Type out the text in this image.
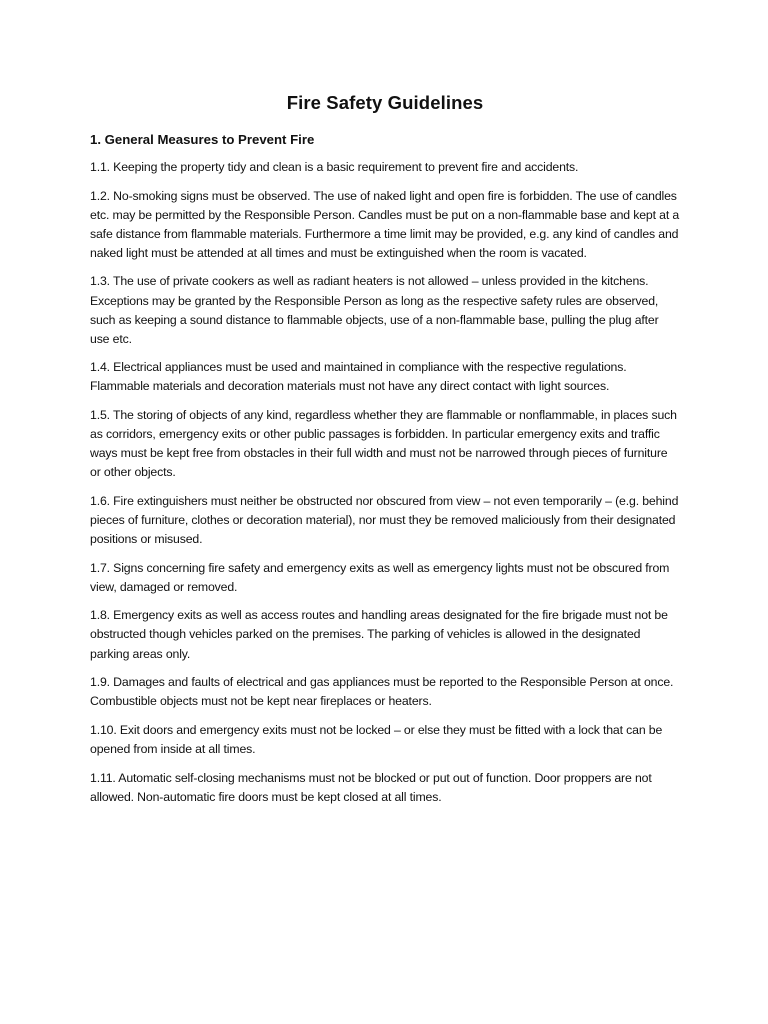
Fire Safety Guidelines
1. General Measures to Prevent Fire

1.1. Keeping the property tidy and clean is a basic requirement to prevent fire and accidents.

1.2. No-smoking signs must be observed. The use of naked light and open fire is forbidden. The use of candles etc. may be permitted by the Responsible Person. Candles must be put on a non-flammable base and kept at a safe distance from flammable materials. Furthermore a time limit may be provided, e.g. any kind of candles and naked light must be attended at all times and must be extinguished when the room is vacated.

1.3. The use of private cookers as well as radiant heaters is not allowed – unless provided in the kitchens. Exceptions may be granted by the Responsible Person as long as the respective safety rules are observed, such as keeping a sound distance to flammable objects, use of a non-flammable base, pulling the plug after use etc.

1.4. Electrical appliances must be used and maintained in compliance with the respective regulations. Flammable materials and decoration materials must not have any direct contact with light sources.

1.5. The storing of objects of any kind, regardless whether they are flammable or nonflammable, in places such as corridors, emergency exits or other public passages is forbidden. In particular emergency exits and traffic ways must be kept free from obstacles in their full width and must not be narrowed through pieces of furniture or other objects.

1.6. Fire extinguishers must neither be obstructed nor obscured from view – not even temporarily – (e.g. behind pieces of furniture, clothes or decoration material), nor must they be removed maliciously from their designated positions or misused.

1.7. Signs concerning fire safety and emergency exits as well as emergency lights must not be obscured from view, damaged or removed.

1.8. Emergency exits as well as access routes and handling areas designated for the fire brigade must not be obstructed though vehicles parked on the premises. The parking of vehicles is allowed in the designated parking areas only.

1.9. Damages and faults of electrical and gas appliances must be reported to the Responsible Person at once. Combustible objects must not be kept near fireplaces or heaters.

1.10. Exit doors and emergency exits must not be locked – or else they must be fitted with a lock that can be opened from inside at all times.

1.11. Automatic self-closing mechanisms must not be blocked or put out of function. Door proppers are not allowed. Non-automatic fire doors must be kept closed at all times.
